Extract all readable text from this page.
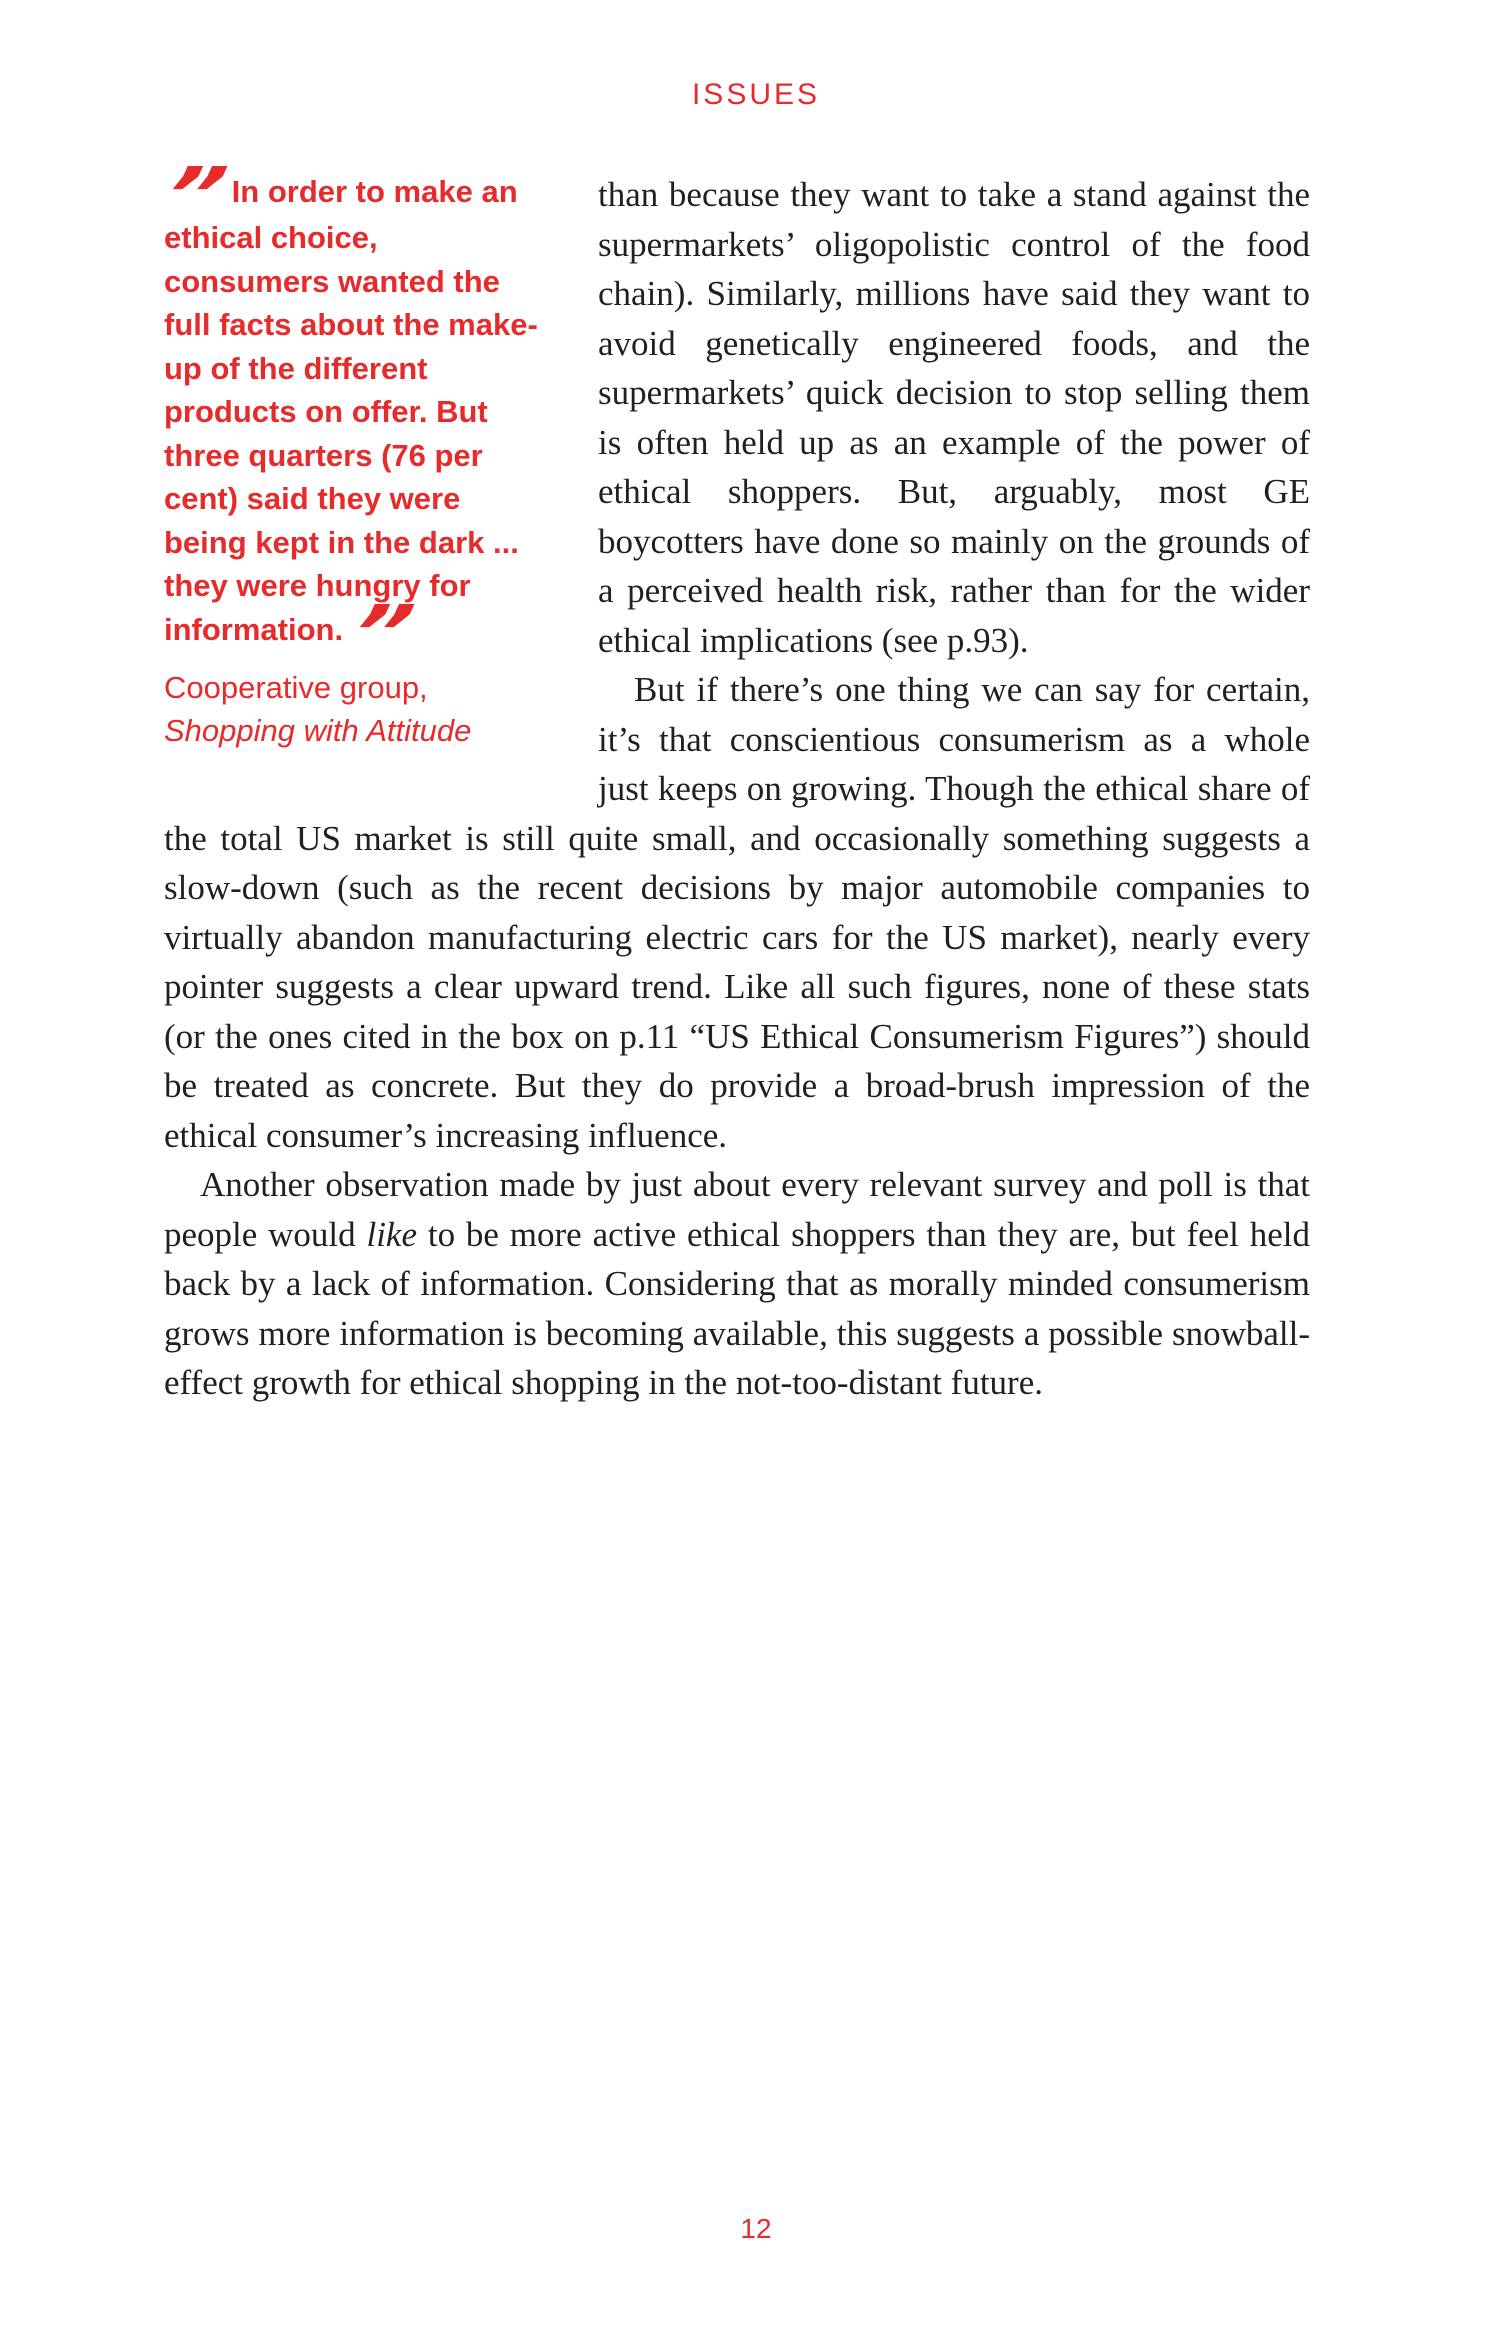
ISSUES

than because they want to take a stand against the supermarkets’ oligopolistic control of the food chain). Similarly, millions have said they want to avoid genetically engineered foods, and the supermarkets’ quick decision to stop selling them is often held up as an example of the power of ethical shoppers. But, arguably, most GE boycotters have done so mainly on the grounds of a perceived health risk, rather than for the wider ethical implications (see p.93).

But if there’s one thing we can say for certain, it’s that conscientious consumerism as a whole just keeps on growing. Though the ethical share of the total US market is still quite small, and occasionally something suggests a slow-down (such as the recent decisions by major automobile companies to virtually abandon manufacturing electric cars for the US market), nearly every pointer suggests a clear upward trend. Like all such figures, none of these stats (or the ones cited in the box on p.11 “US Ethical Consumerism Figures”) should be treated as concrete. But they do provide a broad-brush impression of the ethical consumer’s increasing influence.

Another observation made by just about every relevant survey and poll is that people would like to be more active ethical shoppers than they are, but feel held back by a lack of information. Considering that as morally minded consumerism grows more information is becoming available, this suggests a possible snowball-effect growth for ethical shopping in the not-too-distant future.

”In order to make an ethical choice, consumers wanted the full facts about the make-up of the different products on offer. But three quarters (76 per cent) said they were being kept in the dark ... they were hungry for information.”

Cooperative group,
Shopping with Attitude

12
